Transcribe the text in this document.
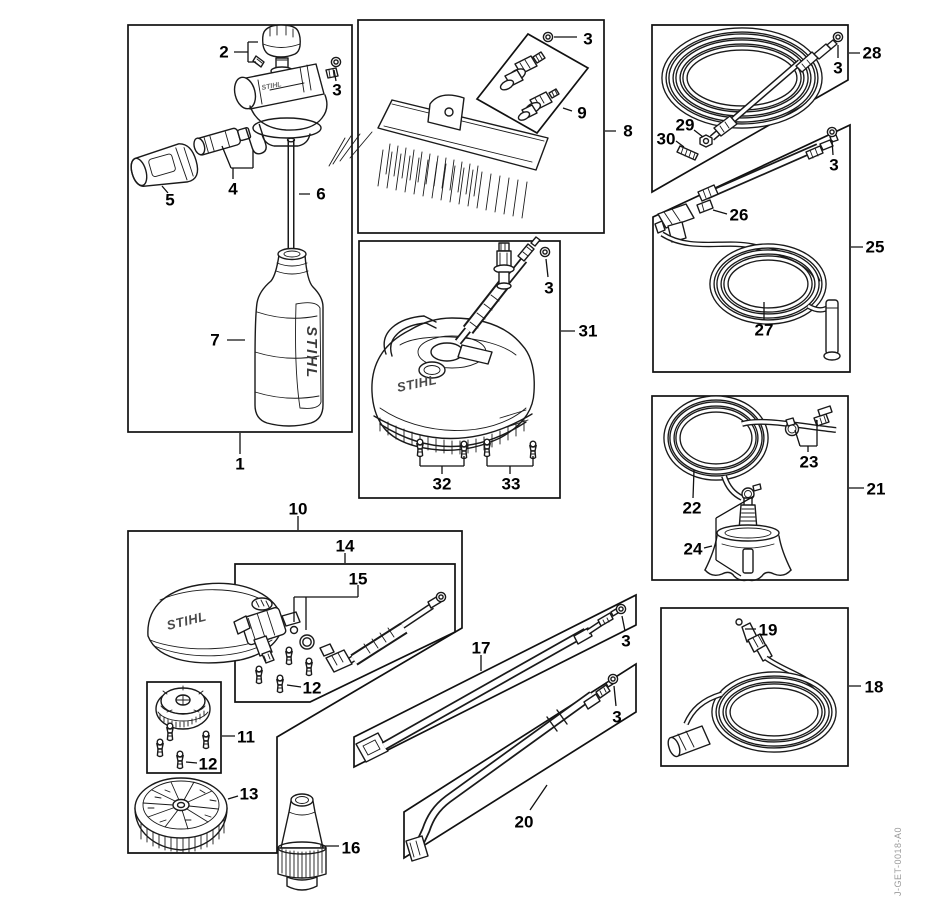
STIHL
STIHL
STIHL
STIHL
2
3
4
5	6
7
1
8
3
9
31
3
32	33
28
3
29
30
25
3
26
27
21
22
23
24
18
19
10
14
15
12
11
12
13
16
17	3
3
20
J-GET-0018-A0
